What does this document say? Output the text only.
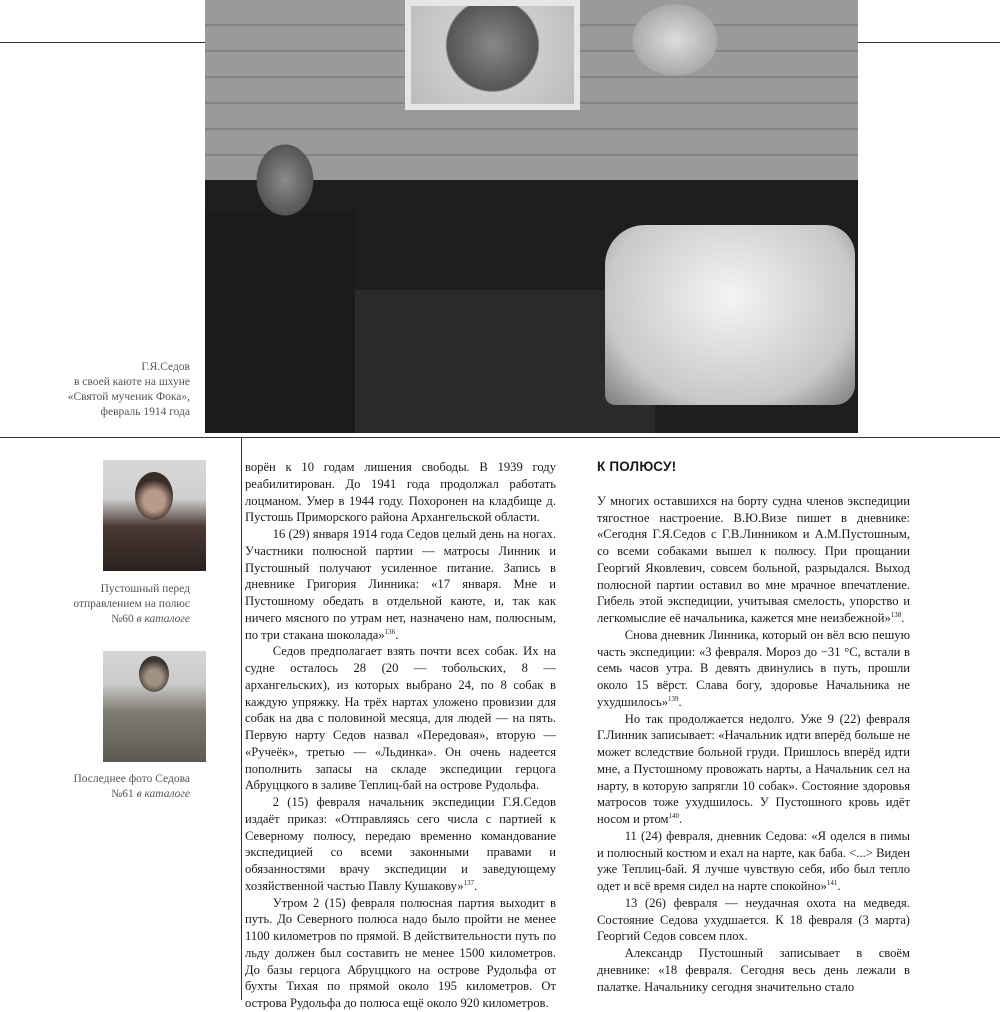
Г.Я.Седов
в своей каюте на шхуне
«Святой мученик Фока»,
февраль 1914 года
Пустошный перед
отправлением на полюс
№60 в каталоге
Последнее фото Седова
№61 в каталоге

ворён к 10 годам лишения свободы. В 1939 году реабилитирован. До 1941 года продолжал работать лоцманом. Умер в 1944 году. Похоронен на кладбище д. Пустошь Приморского района Архангельской области.

16 (29) января 1914 года Седов целый день на ногах. Участники полюсной партии — матросы Линник и Пустошный получают усиленное питание. Запись в дневнике Григория Линника: «17 января. Мне и Пустошному обедать в отдельной каюте, и, так как ничего мясного по утрам нет, назначено нам, полюсным, по три стакана шоколада»$^{136}$.

Седов предполагает взять почти всех собак. Их на судне осталось 28 (20 — тобольских, 8 — архангельских), из которых выбрано 24, по 8 собак в каждую упряжку. На трёх нартах уложено провизии для собак на два с половиной месяца, для людей — на пять. Первую нарту Седов назвал «Передовая», вторую — «Ручеёк», третью — «Льдинка». Он очень надеется пополнить запасы на складе экспедиции герцога Абруццкого в заливе Теплиц-бай на острове Рудольфа.

2 (15) февраля начальник экспедиции Г.Я.Седов издаёт приказ: «Отправляясь сего числа с партией к Северному полюсу, передаю временно командование экспедицией со всеми законными правами и обязанностями врачу экспедиции и заведующему хозяйственной частью Павлу Кушакову»$^{137}$.

Утром 2 (15) февраля полюсная партия выходит в путь. До Северного полюса надо было пройти не менее 1100 километров по прямой. В действительности путь по льду должен был составить не менее 1500 километров. До базы герцога Абруццкого на острове Рудольфа от бухты Тихая по прямой около 195 километров. От острова Рудольфа до полюса ещё около 920 километров.

К ПОЛЮСУ!

У многих оставшихся на борту судна членов экспедиции тягостное настроение. В.Ю.Визе пишет в дневнике: «Сегодня Г.Я.Седов с Г.В.Линником и А.М.Пустошным, со всеми собаками вышел к полюсу. При прощании Георгий Яковлевич, совсем больной, разрыдался. Выход полюсной партии оставил во мне мрачное впечатление. Гибель этой экспедиции, учитывая смелость, упорство и легкомыслие её начальника, кажется мне неизбежной»$^{138}$.

Снова дневник Линника, который он вёл всю пешую часть экспедиции: «3 февраля. Мороз до −31 °С, встали в семь часов утра. В девять двинулись в путь, прошли около 15 вёрст. Слава богу, здоровье Начальника не ухудшилось»$^{139}$.

Но так продолжается недолго. Уже 9 (22) февраля Г.Линник записывает: «Начальник идти вперёд больше не может вследствие больной груди. Пришлось вперёд идти мне, а Пустошному провожать нарты, а Начальник сел на нарту, в которую запрягли 10 собак». Состояние здоровья матросов тоже ухудшилось. У Пустошного кровь идёт носом и ртом$^{140}$.

11 (24) февраля, дневник Седова: «Я оделся в пимы и полюсный костюм и ехал на нарте, как баба. <...> Виден уже Теплиц-бай. Я лучше чувствую себя, ибо был тепло одет и всё время сидел на нарте спокойно»$^{141}$.

13 (26) февраля — неудачная охота на медведя. Состояние Седова ухудшается. К 18 февраля (3 марта) Георгий Седов совсем плох.

Александр Пустошный записывает в своём дневнике: «18 февраля. Сегодня весь день лежали в палатке. Начальнику сегодня значительно стало
